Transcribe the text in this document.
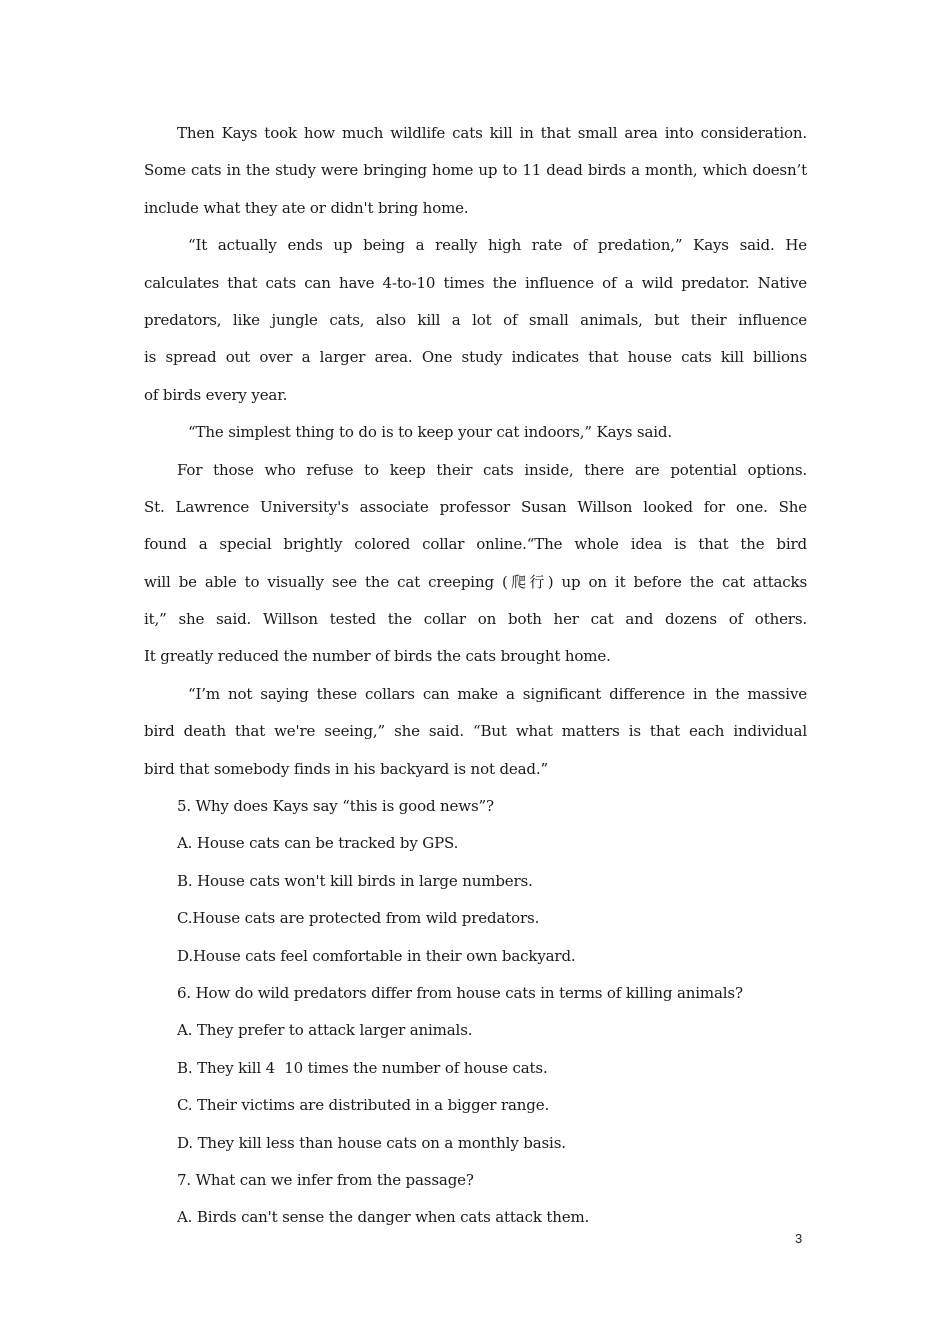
Then Kays took how much wildlife cats kill in that small area into consideration.
Some cats in the study were bringing home up to 11 dead birds a month, which doesn’t
include what they ate or didn't bring home.
“It actually ends up being a really high rate of predation,” Kays said. He
calculates that cats can have 4-to-10 times the influence of a wild predator. Native
predators, like jungle cats, also kill a lot of small animals, but their influence
is spread out over a larger area. One study indicates that house cats kill billions
of birds every year.
“The simplest thing to do is to keep your cat indoors,” Kays said.
For those who refuse to keep their cats inside, there are potential options.
St. Lawrence University's associate professor Susan Willson looked for one. She
found a special brightly colored collar online.“The whole idea is that the bird
will be able to visually see the cat creeping (爬行) up on it before the cat attacks
it,” she said. Willson tested the collar on both her cat and dozens of others.
It greatly reduced the number of birds the cats brought home.
“I’m not saying these collars can make a significant difference in the massive
bird death that we're seeing,” she said. “But what matters is that each individual
bird that somebody finds in his backyard is not dead.”
5. Why does Kays say “this is good news”?
A. House cats can be tracked by GPS.
B. House cats won't kill birds in large numbers.
C.House cats are protected from wild predators.
D.House cats feel comfortable in their own backyard.
6. How do wild predators differ from house cats in terms of killing animals?
A. They prefer to attack larger animals.
B. They kill 4  10 times the number of house cats.
C. Their victims are distributed in a bigger range.
D. They kill less than house cats on a monthly basis.
7. What can we infer from the passage?
A. Birds can't sense the danger when cats attack them.
3
